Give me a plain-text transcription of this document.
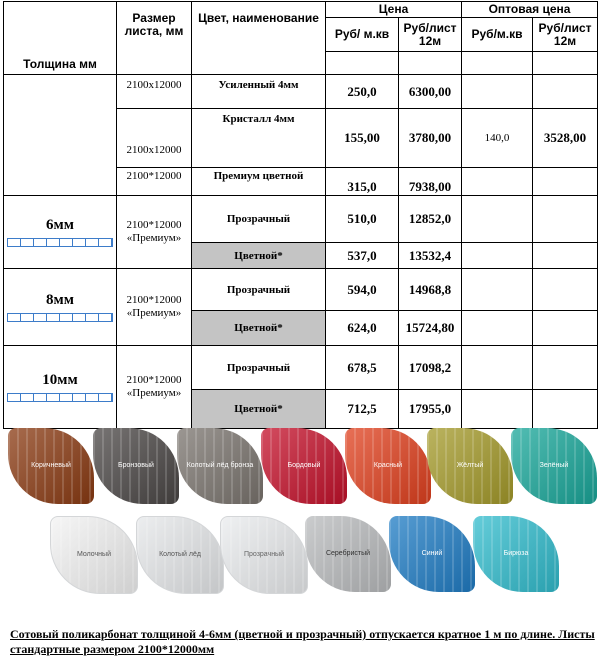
Толщина мм	Размер листа, мм	Цвет, наименование	Цена		Оптовая цена	
			Руб/ м.кв	Руб/лист 12м	Руб/м.кв	Руб/лист 12м

	2100х12000	Усиленный 4мм	250,0	6300,00		
	2100х12000	Кристалл 4мм	155,00	3780,00	140,0	3528,00
	2100*12000	Премиум цветной	315,0	7938,00		
6мм	2100*12000 «Премиум»	Прозрачный	510,0	12852,0		
		Цветной*	537,0	13532,4		
8мм	2100*12000 «Премиум»	Прозрачный	594,0	14968,8		
		Цветной*	624,0	15724,80		
10мм	2100*12000 «Премиум»	Прозрачный	678,5	17098,2		
		Цветной*	712,5	17955,0		
Коричневый	Бронзовый	Колотый лёд бронза	Бордовый	Красный	Жёлтый	Зелёный
Молочный	Колотый лёд	Прозрачный	Серебристый	Синий	Бирюза
Сотовый поликарбонат толщиной 4-6мм (цветной и прозрачный) отпускается кратное 1 м по длине. Листы стандартные размером 2100*12000мм
